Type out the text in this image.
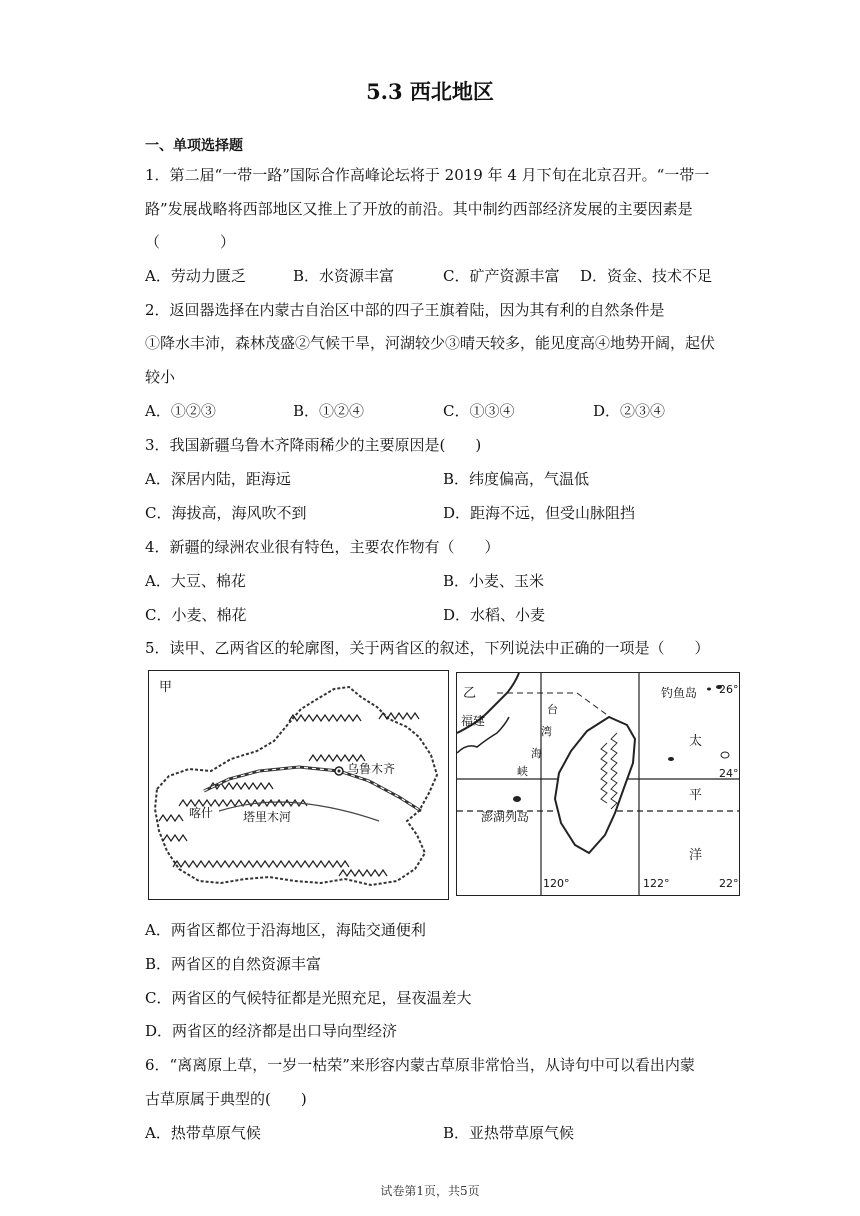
5.3 西北地区
一、单项选择题
1．第二届“一带一路”国际合作高峰论坛将于 2019 年 4 月下旬在北京召开。“一带一
路”发展战略将西部地区又推上了开放的前沿。其中制约西部经济发展的主要因素是
（　　　　）
A．劳动力匮乏	B．水资源丰富	C．矿产资源丰富 D．资金、技术不足
2．返回器选择在内蒙古自治区中部的四子王旗着陆，因为其有利的自然条件是
①降水丰沛，森林茂盛②气候干旱，河湖较少③晴天较多，能见度高④地势开阔，起伏
较小
A．①②③	B．①②④	C．①③④	D．②③④
3．我国新疆乌鲁木齐降雨稀少的主要原因是(　　)
A．深居内陆，距海远	B．纬度偏高，气温低
C．海拔高，海风吹不到	D．距海不远，但受山脉阻挡
4．新疆的绿洲农业很有特色，主要农作物有（　　）
A．大豆、棉花	B．小麦、玉米
C．小麦、棉花	D．水稻、小麦
5．读甲、乙两省区的轮廓图，关于两省区的叙述，下列说法中正确的一项是（　　）
甲
乌鲁木齐
塔里木河
喀什
乙
福建
台
湾
海
峡
钓鱼岛
澎湖列岛
太
平
洋
120°	122°
26°
24°
22°
A．两省区都位于沿海地区，海陆交通便利
B．两省区的自然资源丰富
C．两省区的气候特征都是光照充足，昼夜温差大
D．两省区的经济都是出口导向型经济
6．“离离原上草，一岁一枯荣”来形容内蒙古草原非常恰当，从诗句中可以看出内蒙
古草原属于典型的(　　)
A．热带草原气候	B．亚热带草原气候
试卷第1页，共5页
